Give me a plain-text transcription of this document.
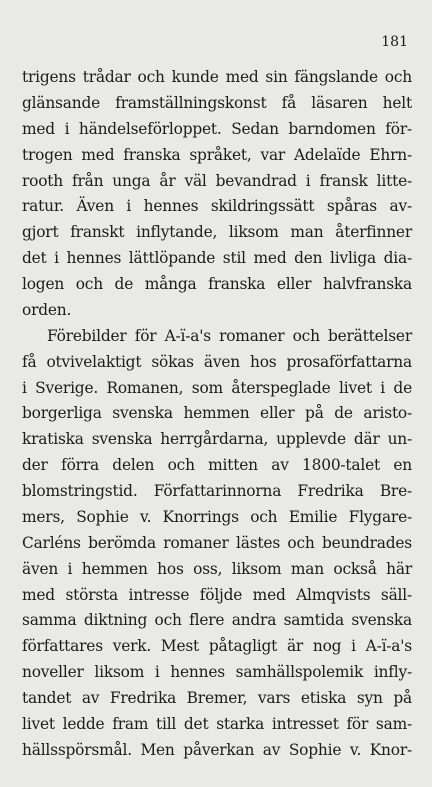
181
trigens trådar och kunde med sin fängslande och
glänsande framställningskonst få läsaren helt
med i händelseförloppet. Sedan barndomen för-
trogen med franska språket, var Adelaïde Ehrn-
rooth från unga år väl bevandrad i fransk litte-
ratur. Även i hennes skildringssätt spåras av-
gjort franskt inflytande, liksom man återfinner
det i hennes lättlöpande stil med den livliga dia-
logen och de många franska eller halvfranska
orden.
Förebilder för A-ï-a's romaner och berättelser
få otvivelaktigt sökas även hos prosaförfattarna
i Sverige. Romanen, som återspeglade livet i de
borgerliga svenska hemmen eller på de aristo-
kratiska svenska herrgårdarna, upplevde där un-
der förra delen och mitten av 1800-talet en
blomstringstid. Författarinnorna Fredrika Bre-
mers, Sophie v. Knorrings och Emilie Flygare-
Carléns berömda romaner lästes och beundrades
även i hemmen hos oss, liksom man också här
med största intresse följde med Almqvists säll-
samma diktning och flere andra samtida svenska
författares verk. Mest påtagligt är nog i A-ï-a's
noveller liksom i hennes samhällspolemik infly-
tandet av Fredrika Bremer, vars etiska syn på
livet ledde fram till det starka intresset för sam-
hällsspörsmål. Men påverkan av Sophie v. Knor-
